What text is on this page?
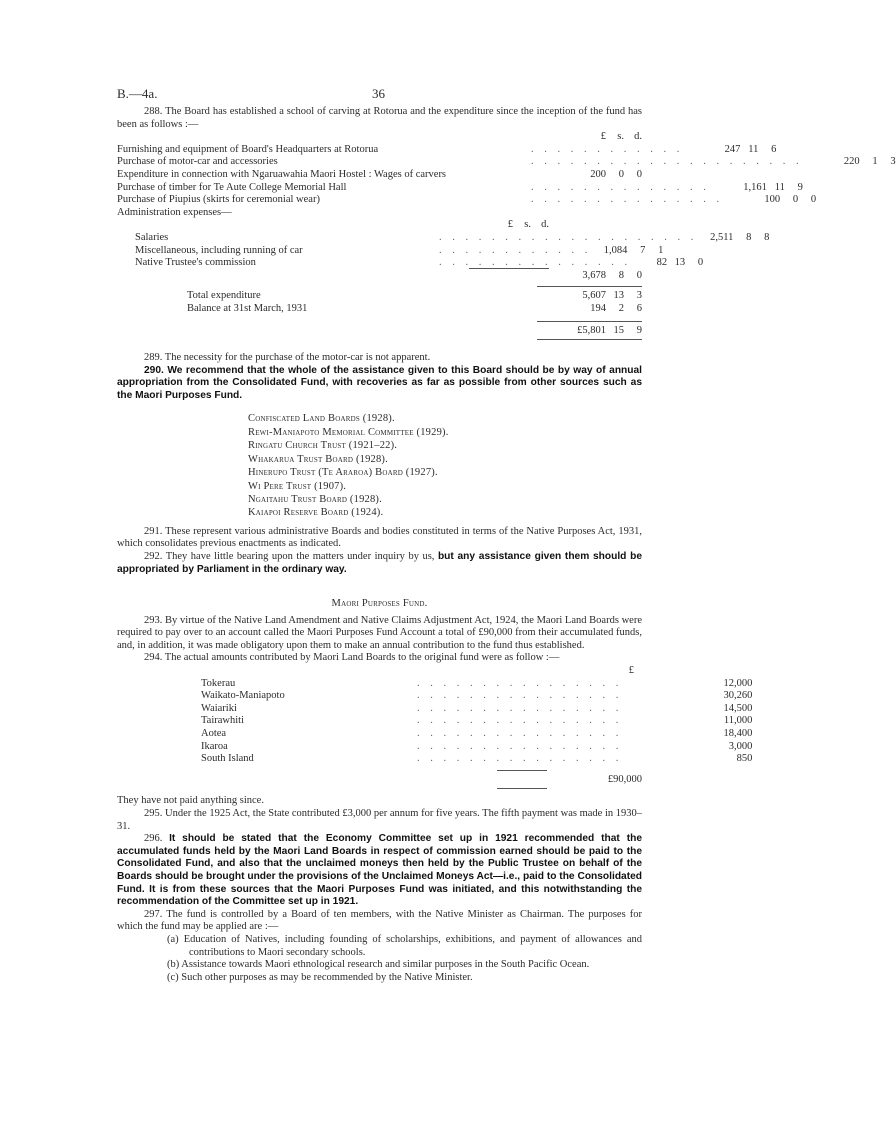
B.—4a.	36

288. The Board has established a school of carving at Rotorua and the expenditure since the inception of the fund has been as follows :—

£	s. d.
Furnishing and equipment of Board's Headquarters at Rotorua	. . . . . . . . . . . .	247 11	6
Purchase of motor-car and accessories	. . . . . . . . . . . . . . . . . . . . .	220	1	3
Expenditure in connection with Ngaruawahia Maori Hostel : Wages of carvers	200	0	0
Purchase of timber for Te Aute College Memorial Hall	. . . . . . . . . . . . . .	1,161 11	9
Purchase of Piupius (skirts for ceremonial wear)	. . . . . . . . . . . . . . .	100	0	0
Administration expenses—
£	s. d.
Salaries	. . . . . . . . . . . . . . . . . . . .	2,511	8	8
Miscellaneous, including running of car	. . . . . . . . . . . .	1,084	7	1
Native Trustee's commission	. . . . . . . . . . . . . . .	82 13	0
3,678	8	0
Total expenditure	5,607 13	3
Balance at 31st March, 1931	194	2	6
£5,801 15	9

289. The necessity for the purchase of the motor-car is not apparent.

290. We recommend that the whole of the assistance given to this Board should be by way of annual appropriation from the Consolidated Fund, with recoveries as far as possible from other sources such as the Maori Purposes Fund.

Confiscated Land Boards (1928).
Rewi-Maniapoto Memorial Committee (1929).
Ringatu Church Trust (1921–22).
Whakarua Trust Board (1928).
Hinerupo Trust (Te Araroa) Board (1927).
Wi Pere Trust (1907).
Ngaitahu Trust Board (1928).
Kaiapoi Reserve Board (1924).

291. These represent various administrative Boards and bodies constituted in terms of the Native Purposes Act, 1931, which consolidates previous enactments as indicated.

292. They have little bearing upon the matters under inquiry by us, but any assistance given them should be appropriated by Parliament in the ordinary way.

Maori Purposes Fund.

293. By virtue of the Native Land Amendment and Native Claims Adjustment Act, 1924, the Maori Land Boards were required to pay over to an account called the Maori Purposes Fund Account a total of £90,000 from their accumulated funds, and, in addition, it was made obligatory upon them to make an annual contribution to the fund thus established.

294. The actual amounts contributed by Maori Land Boards to the original fund were as follow :—

£
Tokerau	. . . . . . . . . . . . . . . .	12,000
Waikato-Maniapoto	. . . . . . . . . . . . . . . .	30,260
Waiariki	. . . . . . . . . . . . . . . .	14,500
Tairawhiti	. . . . . . . . . . . . . . . .	11,000
Aotea	. . . . . . . . . . . . . . . .	18,400
Ikaroa	. . . . . . . . . . . . . . . .	3,000
South Island	. . . . . . . . . . . . . . . .	850
£90,000

They have not paid anything since.

295. Under the 1925 Act, the State contributed £3,000 per annum for five years. The fifth payment was made in 1930–31.

296. It should be stated that the Economy Committee set up in 1921 recommended that the accumulated funds held by the Maori Land Boards in respect of commission earned should be paid to the Consolidated Fund, and also that the unclaimed moneys then held by the Public Trustee on behalf of the Boards should be brought under the provisions of the Unclaimed Moneys Act—i.e., paid to the Consolidated Fund. It is from these sources that the Maori Purposes Fund was initiated, and this notwithstanding the recommendation of the Committee set up in 1921.

297. The fund is controlled by a Board of ten members, with the Native Minister as Chairman. The purposes for which the fund may be applied are :—

(a) Education of Natives, including founding of scholarships, exhibitions, and payment of allowances and contributions to Maori secondary schools.

(b) Assistance towards Maori ethnological research and similar purposes in the South Pacific Ocean.

(c) Such other purposes as may be recommended by the Native Minister.
